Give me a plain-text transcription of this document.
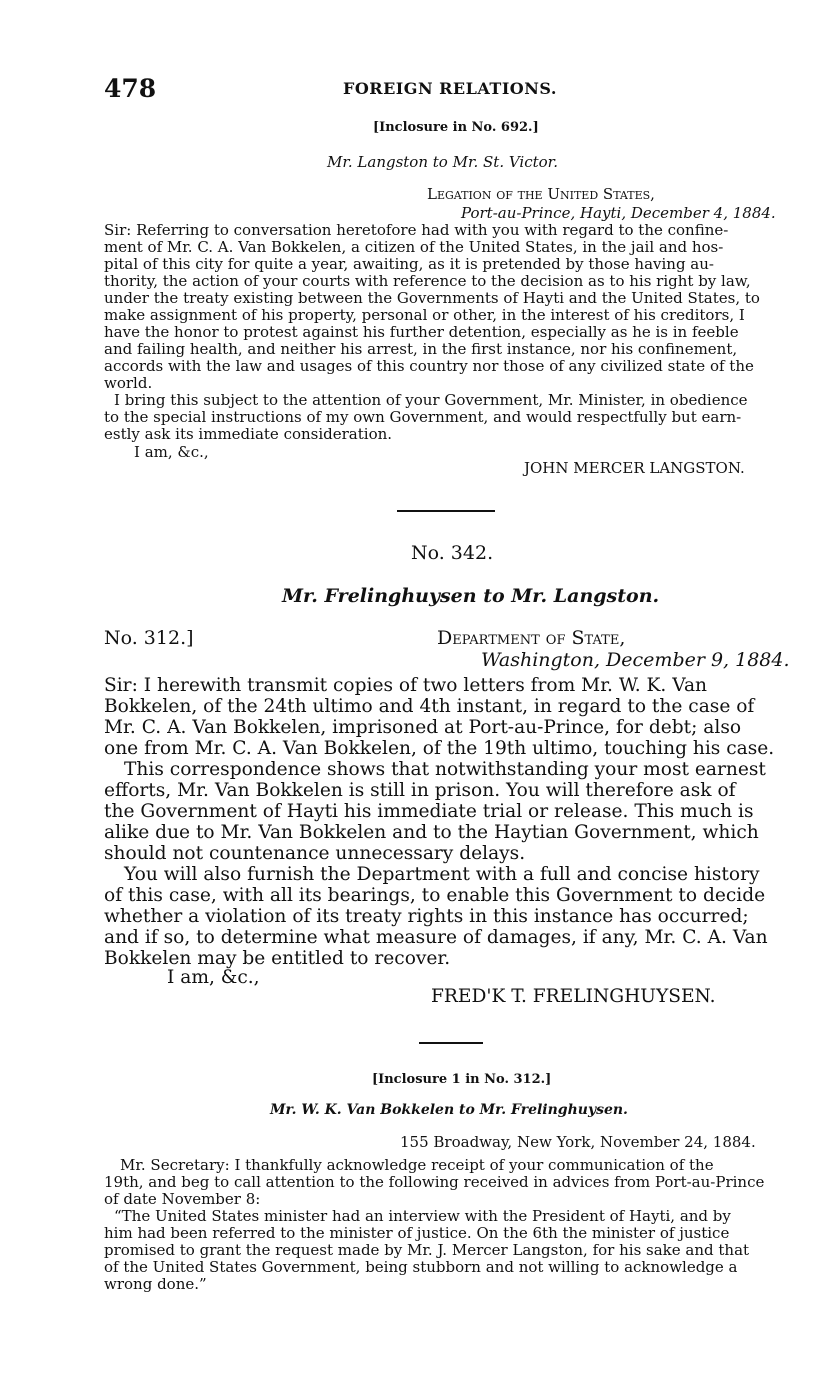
478	FOREIGN RELATIONS.
[Inclosure in No. 692.]
Mr. Langston to Mr. St. Victor.
Legation of the United States,
Port-au-Prince, Hayti, December 4, 1884.
Sir: Referring to conversation heretofore had with you with regard to the confine-
ment of Mr. C. A. Van Bokkelen, a citizen of the United States, in the jail and hos-
pital of this city for quite a year, awaiting, as it is pretended by those having au-
thority, the action of your courts with reference to the decision as to his right by law,
under the treaty existing between the Governments of Hayti and the United States, to
make assignment of his property, personal or other, in the interest of his creditors, I
have the honor to protest against his further detention, especially as he is in feeble
and failing health, and neither his arrest, in the first instance, nor his confinement,
accords with the law and usages of this country nor those of any civilized state of the
world.
I bring this subject to the attention of your Government, Mr. Minister, in obedience
to the special instructions of my own Government, and would respectfully but earn-
estly ask its immediate consideration.
I am, &c.,
JOHN MERCER LANGSTON.
No. 342.
Mr. Frelinghuysen to Mr. Langston.
No. 312.]	Department of State,
Washington, December 9, 1884.
Sir: I herewith transmit copies of two letters from Mr. W. K. Van
Bokkelen, of the 24th ultimo and 4th instant, in regard to the case of
Mr. C. A. Van Bokkelen, imprisoned at Port-au-Prince, for debt; also
one from Mr. C. A. Van Bokkelen, of the 19th ultimo, touching his case.
This correspondence shows that notwithstanding your most earnest
efforts, Mr. Van Bokkelen is still in prison. You will therefore ask of
the Government of Hayti his immediate trial or release. This much is
alike due to Mr. Van Bokkelen and to the Haytian Government, which
should not countenance unnecessary delays.
You will also furnish the Department with a full and concise history
of this case, with all its bearings, to enable this Government to decide
whether a violation of its treaty rights in this instance has occurred;
and if so, to determine what measure of damages, if any, Mr. C. A. Van
Bokkelen may be entitled to recover.
I am, &c.,
FRED'K T. FRELINGHUYSEN.
[Inclosure 1 in No. 312.]
Mr. W. K. Van Bokkelen to Mr. Frelinghuysen.
155 Broadway, New York, November 24, 1884.
Mr. Secretary: I thankfully acknowledge receipt of your communication of the
19th, and beg to call attention to the following received in advices from Port-au-Prince
of date November 8:
“The United States minister had an interview with the President of Hayti, and by
him had been referred to the minister of justice. On the 6th the minister of justice
promised to grant the request made by Mr. J. Mercer Langston, for his sake and that
of the United States Government, being stubborn and not willing to acknowledge a
wrong done.”
